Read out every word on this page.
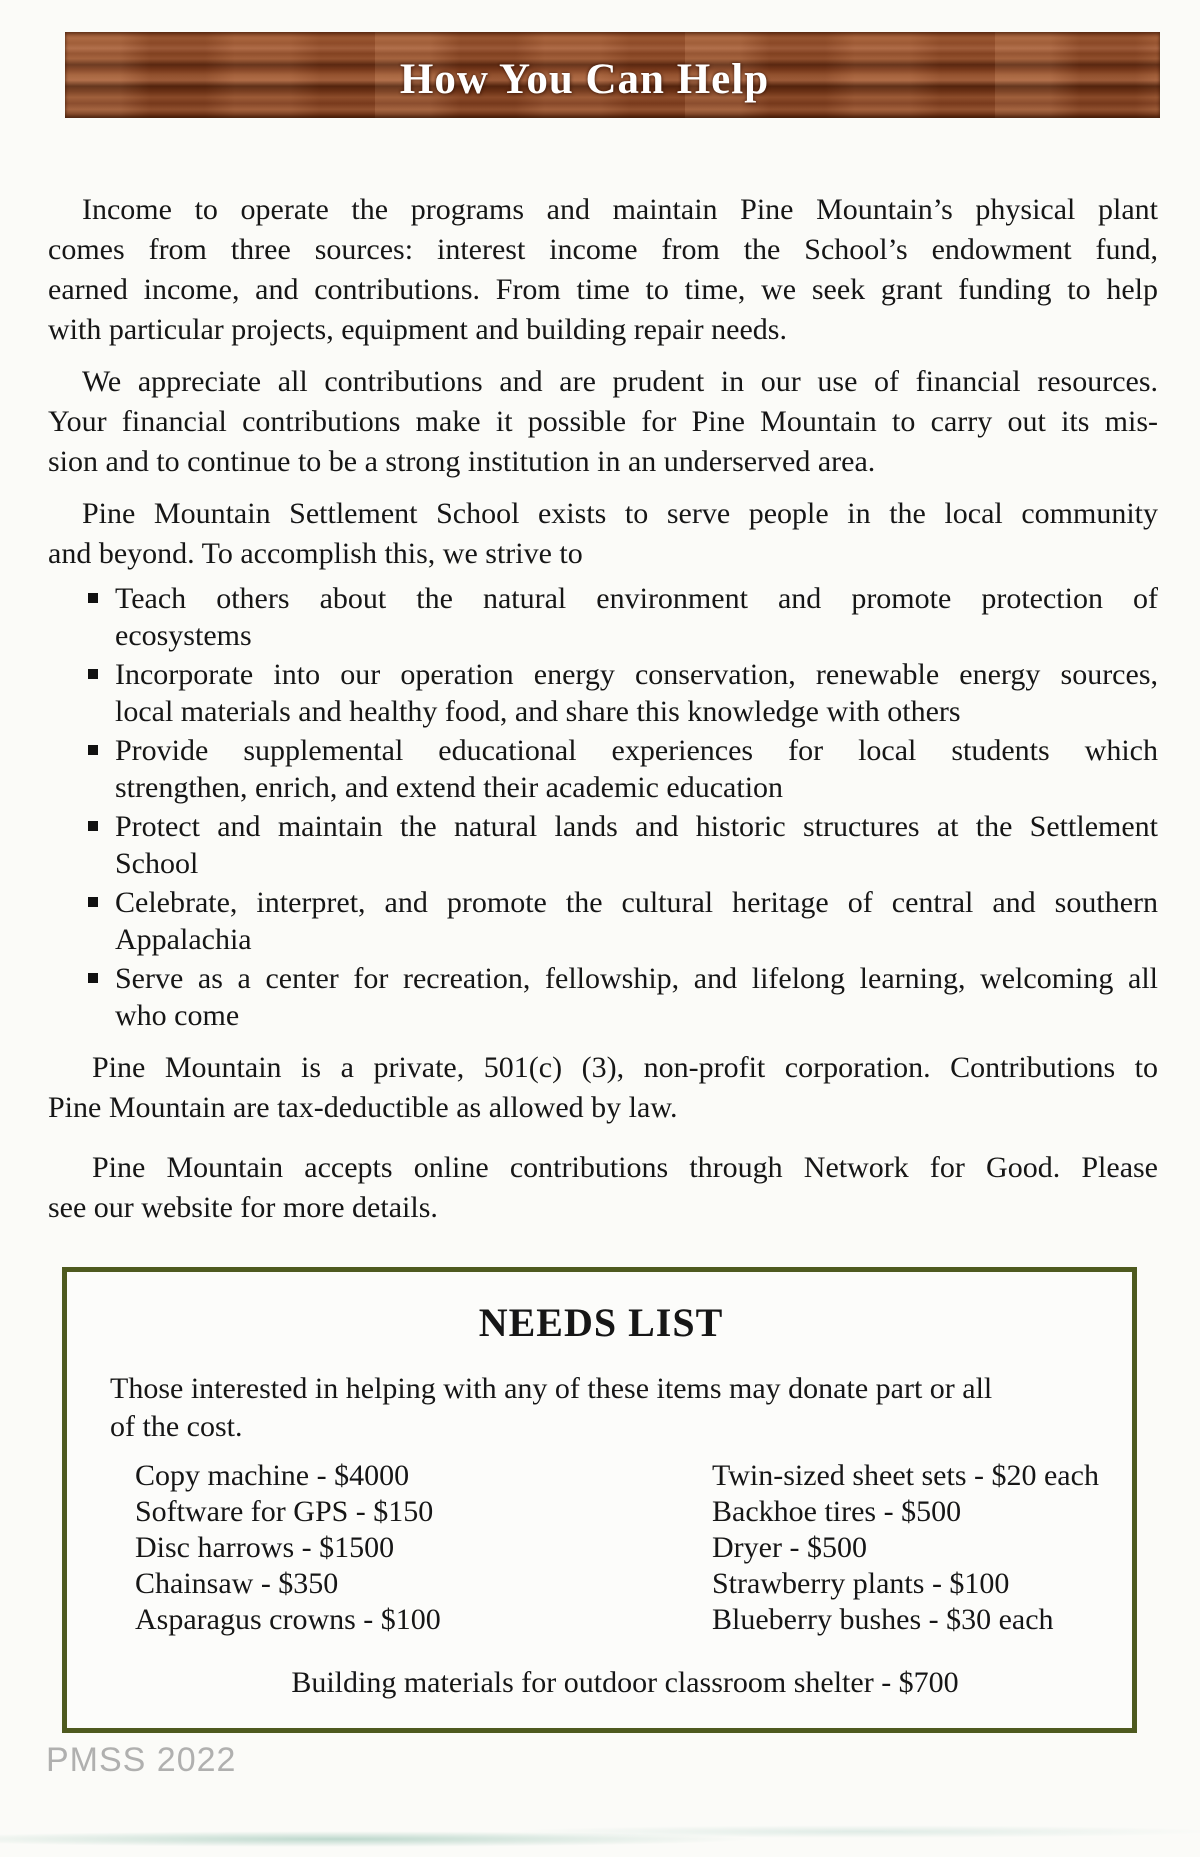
How You Can Help
Income to operate the programs and maintain Pine Mountain’s physical plant
comes from three sources: interest income from the School’s endowment fund,
earned income, and contributions. From time to time, we seek grant funding to help
with particular projects, equipment and building repair needs.
We appreciate all contributions and are prudent in our use of financial resources.
Your financial contributions make it possible for Pine Mountain to carry out its mis-
sion and to continue to be a strong institution in an underserved area.
Pine Mountain Settlement School exists to serve people in the local community
and beyond. To accomplish this, we strive to
Teach others about the natural environment and promote protection of
ecosystems
Incorporate into our operation energy conservation, renewable energy sources,
local materials and healthy food, and share this knowledge with others
Provide supplemental educational experiences for local students which
strengthen, enrich, and extend their academic education
Protect and maintain the natural lands and historic structures at the Settlement
School
Celebrate, interpret, and promote the cultural heritage of central and southern
Appalachia
Serve as a center for recreation, fellowship, and lifelong learning, welcoming all
who come
Pine Mountain is a private, 501(c) (3), non-profit corporation. Contributions to
Pine Mountain are tax-deductible as allowed by law.
Pine Mountain accepts online contributions through Network for Good. Please
see our website for more details.
NEEDS LIST
Those interested in helping with any of these items may donate part or all
of the cost.
Copy machine - $4000
Software for GPS - $150
Disc harrows - $1500
Chainsaw - $350
Asparagus crowns - $100
Twin-sized sheet sets - $20 each
Backhoe tires - $500
Dryer - $500
Strawberry plants - $100
Blueberry bushes - $30 each
Building materials for outdoor classroom shelter - $700
PMSS 2022
